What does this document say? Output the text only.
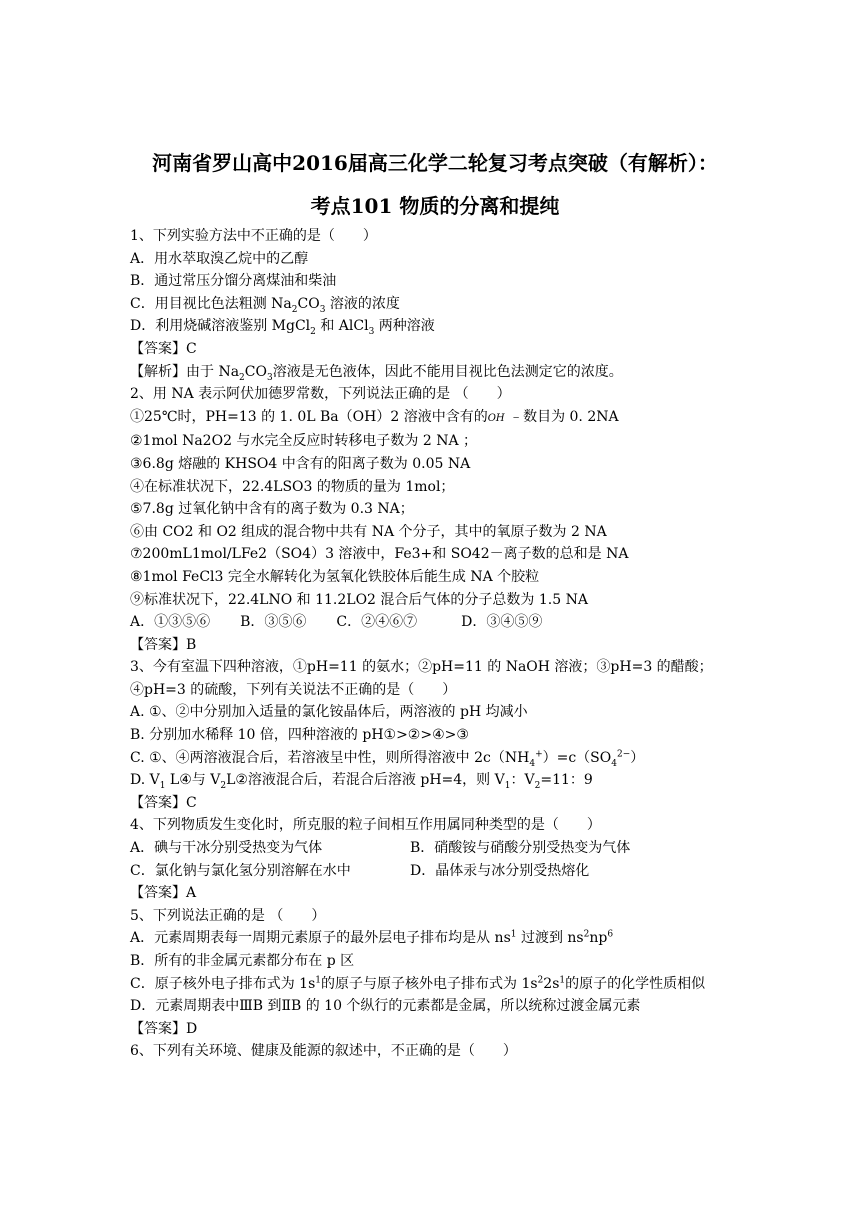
河南省罗山高中2016届高三化学二轮复习考点突破（有解析）：

考点101 物质的分离和提纯

1、下列实验方法中不正确的是（　　）

A．用水萃取溴乙烷中的乙醇

B．通过常压分馏分离煤油和柴油

C．用目视比色法粗测 $Na_2CO_3$ 溶液的浓度

D．利用烧碱溶液鉴别 MgCl$_2$ 和 AlCl$_3$ 两种溶液

【答案】C

【解析】由于 $Na_2CO_3$溶液是无色液体，因此不能用目视比色法测定它的浓度。

2、用 NA 表示阿伏加德罗常数，下列说法正确的是 （　　）

①25℃时，PH=13 的 1. 0L Ba（OH）2 溶液中含有的OH ﹣数目为 0. 2NA

②1mol Na2O2 与水完全反应时转移电子数为 2 NA ；

③6.8g 熔融的 KHSO4 中含有的阳离子数为 0.05 NA

④在标准状况下，22.4LSO3 的物质的量为 1mol；

⑤7.8g 过氧化钠中含有的离子数为 0.3 NA；

⑥由 CO2 和 O2 组成的混合物中共有 NA 个分子，其中的氧原子数为 2 NA

⑦200mL1mol/LFe2（SO4）3 溶液中，Fe3+和 SO42－离子数的总和是 NA

⑧1mol FeCl3 完全水解转化为氢氧化铁胶体后能生成 NA 个胶粒

⑨标准状况下，22.4LNO 和 11.2LO2 混合后气体的分子总数为 1.5 NA

A．①③⑤⑥ B．③⑤⑥ C．②④⑥⑦	D．③④⑤⑨

【答案】B

3、今有室温下四种溶液，①pH=11 的氨水；②pH=11 的 NaOH 溶液；③pH=3 的醋酸；④pH=3 的硫酸，下列有关说法不正确的是（　　）

A. ①、②中分别加入适量的氯化铵晶体后，两溶液的 pH 均减小

B. 分别加水稀释 10 倍，四种溶液的 pH①>②>④>③

C. ①、④两溶液混合后，若溶液呈中性，则所得溶液中 $2c(NH_4^+)=c(SO_4^{2-})$

D. $V_1$ L④与 $V_2L②$溶液混合后，若混合后溶液 pH=4，则 $V_1$：$V_2=11$：9

【答案】C

4、下列物质发生变化时，所克服的粒子间相互作用属同种类型的是（　　）

A．碘与干冰分别受热变为气体	B．硝酸铵与硝酸分别受热变为气体

C．氯化钠与氯化氢分别溶解在水中	D．晶体汞与冰分别受热熔化

【答案】A

5、下列说法正确的是 （　　）

A．元素周期表每一周期元素原子的最外层电子排布均是从 $ns^1$ 过渡到 $ns^2np^6$

B．所有的非金属元素都分布在 p 区

C．原子核外电子排布式为 $1s^1$的原子与原子核外电子排布式为 $1s^22s^1$的原子的化学性质相似

D．元素周期表中ⅢB 到ⅡB 的 10 个纵行的元素都是金属，所以统称过渡金属元素

【答案】D

6、下列有关环境、健康及能源的叙述中，不正确的是（　　）
